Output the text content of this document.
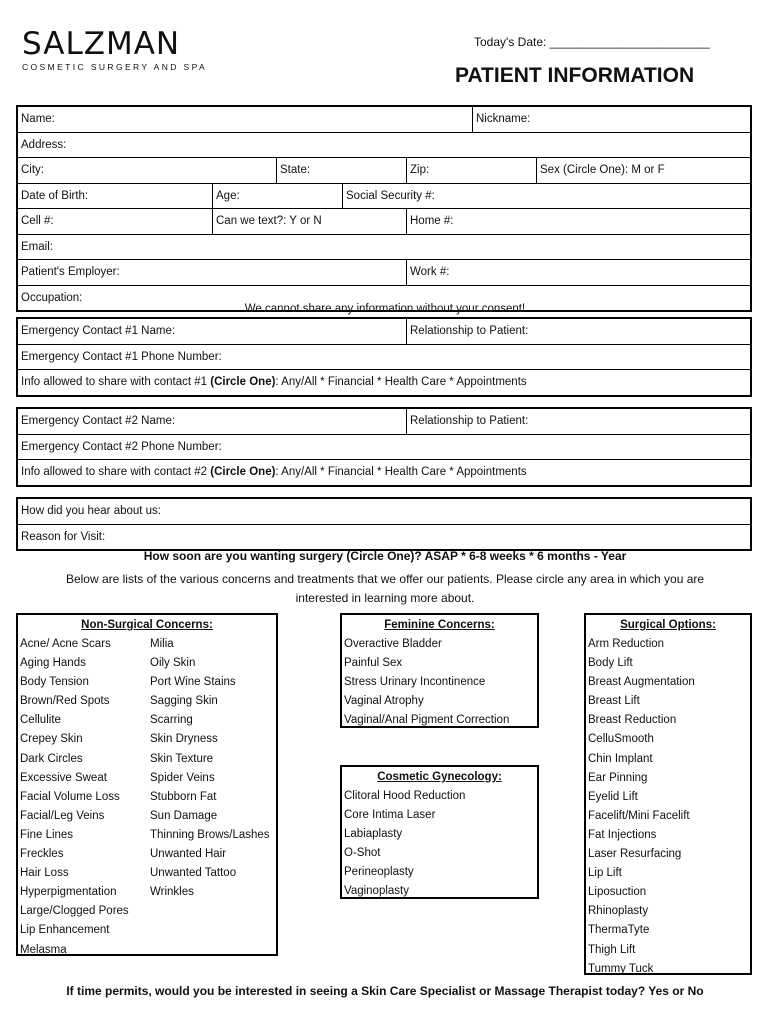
SALZMAN
COSMETIC SURGERY AND SPA
Today's Date: ________________________
PATIENT INFORMATION
Name:	Nickname:
Address:
City:	State:	Zip:	Sex (Circle One): M or F
Date of Birth:	Age:	Social Security #:
Cell #:	Can we text?: Y or N	Home #:
Email:
Patient's Employer:	Work #:
Occupation:
We cannot share any information without your consent!
Emergency Contact #1 Name:	Relationship to Patient:
Emergency Contact #1 Phone Number:
Info allowed to share with contact #1 (Circle One): Any/All * Financial * Health Care * Appointments
Emergency Contact #2 Name:	Relationship to Patient:
Emergency Contact #2 Phone Number:
Info allowed to share with contact #2 (Circle One): Any/All * Financial * Health Care * Appointments
How did you hear about us:
Reason for Visit:
How soon are you wanting surgery (Circle One)? ASAP * 6-8 weeks * 6 months - Year
Below are lists of the various concerns and treatments that we offer our patients. Please circle any area in which you are
interested in learning more about.
Non-Surgical Concerns:
Acne/ Acne Scars
Aging Hands
Body Tension
Brown/Red Spots
Cellulite
Crepey Skin
Dark Circles
Excessive Sweat
Facial Volume Loss
Facial/Leg Veins
Fine Lines
Freckles
Hair Loss
Hyperpigmentation
Large/Clogged Pores
Lip Enhancement
Melasma
Milia
Oily Skin
Port Wine Stains
Sagging Skin
Scarring
Skin Dryness
Skin Texture
Spider Veins
Stubborn Fat
Sun Damage
Thinning Brows/Lashes
Unwanted Hair
Unwanted Tattoo
Wrinkles
Feminine Concerns:
Overactive Bladder
Painful Sex
Stress Urinary Incontinence
Vaginal Atrophy
Vaginal/Anal Pigment Correction
Cosmetic Gynecology:
Clitoral Hood Reduction
Core Intima Laser
Labiaplasty
O-Shot
Perineoplasty
Vaginoplasty
Surgical Options:
Arm Reduction
Body Lift
Breast Augmentation
Breast Lift
Breast Reduction
CelluSmooth
Chin Implant
Ear Pinning
Eyelid Lift
Facelift/Mini Facelift
Fat Injections
Laser Resurfacing
Lip Lift
Liposuction
Rhinoplasty
ThermaTyte
Thigh Lift
Tummy Tuck
If time permits, would you be interested in seeing a Skin Care Specialist or Massage Therapist today? Yes or No
